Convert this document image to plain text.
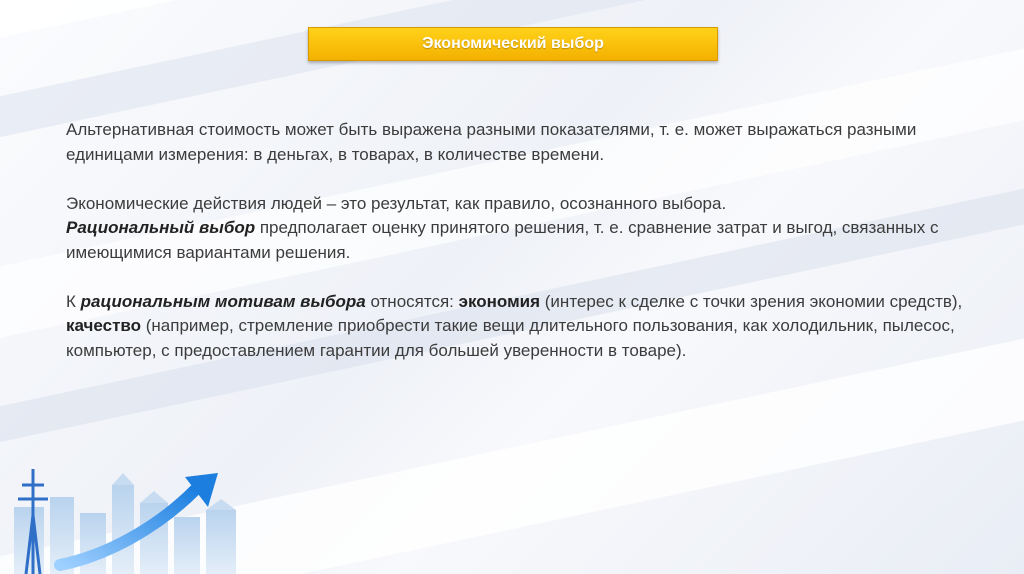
Экономический выбор

Альтернативная стоимость может быть выражена разными показателями, т. е. может выражаться разными единицами измерения: в деньгах, в товарах, в количестве времени.

Экономические действия людей – это результат, как правило, осознанного выбора.
Рациональный выбор предполагает оценку принятого решения, т. е. сравнение затрат и выгод, связанных с имеющимися вариантами решения.

К рациональным мотивам выбора относятся: экономия (интерес к сделке с точки зрения экономии средств), качество (например, стремление приобрести такие вещи длительного пользования, как холодильник, пылесос, компьютер, с предоставлением гарантии для большей уверенности в товаре).
